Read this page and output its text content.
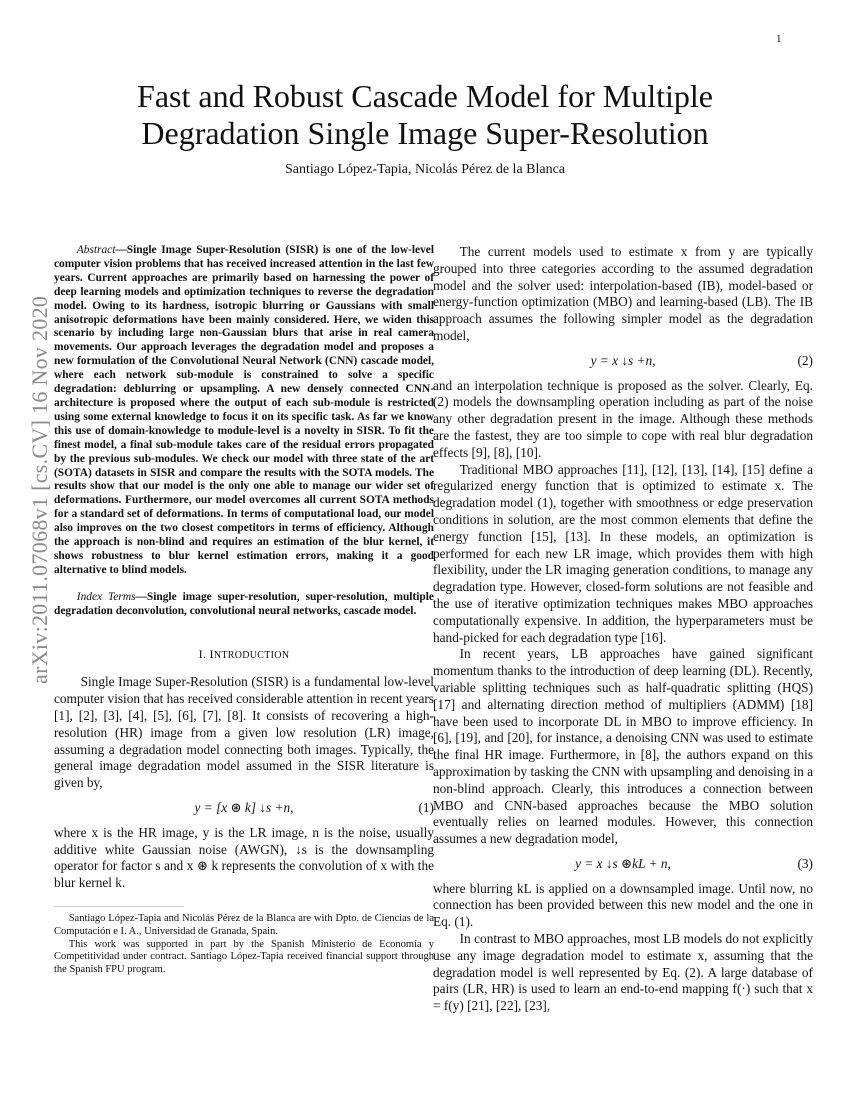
1
arXiv:2011.07068v1 [cs.CV] 16 Nov 2020
Fast and Robust Cascade Model for Multiple
Degradation Single Image Super-Resolution
Santiago López-Tapia, Nicolás Pérez de la Blanca

Abstract—Single Image Super-Resolution (SISR) is one of the low-level computer vision problems that has received increased attention in the last few years. Current approaches are primarily based on harnessing the power of deep learning models and optimization techniques to reverse the degradation model. Owing to its hardness, isotropic blurring or Gaussians with small anisotropic deformations have been mainly considered. Here, we widen this scenario by including large non-Gaussian blurs that arise in real camera movements. Our approach leverages the degradation model and proposes a new formulation of the Convolutional Neural Network (CNN) cascade model, where each network sub-module is constrained to solve a specific degradation: deblurring or upsampling. A new densely connected CNN-architecture is proposed where the output of each sub-module is restricted using some external knowledge to focus it on its specific task. As far we know this use of domain-knowledge to module-level is a novelty in SISR. To fit the finest model, a final sub-module takes care of the residual errors propagated by the previous sub-modules. We check our model with three state of the art (SOTA) datasets in SISR and compare the results with the SOTA models. The results show that our model is the only one able to manage our wider set of deformations. Furthermore, our model overcomes all current SOTA methods for a standard set of deformations. In terms of computational load, our model also improves on the two closest competitors in terms of efficiency. Although the approach is non-blind and requires an estimation of the blur kernel, it shows robustness to blur kernel estimation errors, making it a good alternative to blind models.

Index Terms—Single image super-resolution, super-resolution, multiple degradation deconvolution, convolutional neural networks, cascade model.

I. INTRODUCTION

Single Image Super-Resolution (SISR) is a fundamental low-level computer vision that has received considerable attention in recent years [1], [2], [3], [4], [5], [6], [7], [8]. It consists of recovering a high-resolution (HR) image from a given low resolution (LR) image, assuming a degradation model connecting both images. Typically, the general image degradation model assumed in the SISR literature is given by,

y = [x ⊛ k] ↓s +n,	(1)

where x is the HR image, y is the LR image, n is the noise, usually additive white Gaussian noise (AWGN), ↓s is the downsampling operator for factor s and x ⊛ k represents the convolution of x with the blur kernel k.

Santiago López-Tapia and Nicolás Pérez de la Blanca are with Dpto. de Ciencias de la Computación e I. A., Universidad de Granada, Spain.

This work was supported in part by the Spanish Ministerio de Economía y Competitividad under contract. Santiago López-Tapia received financial support through the Spanish FPU program.

The current models used to estimate x from y are typically grouped into three categories according to the assumed degradation model and the solver used: interpolation-based (IB), model-based or energy-function optimization (MBO) and learning-based (LB). The IB approach assumes the following simpler model as the degradation model,

y = x ↓s +n,	(2)

and an interpolation technique is proposed as the solver. Clearly, Eq. (2) models the downsampling operation including as part of the noise any other degradation present in the image. Although these methods are the fastest, they are too simple to cope with real blur degradation effects [9], [8], [10].

Traditional MBO approaches [11], [12], [13], [14], [15] define a regularized energy function that is optimized to estimate x. The degradation model (1), together with smoothness or edge preservation conditions in solution, are the most common elements that define the energy function [15], [13]. In these models, an optimization is performed for each new LR image, which provides them with high flexibility, under the LR imaging generation conditions, to manage any degradation type. However, closed-form solutions are not feasible and the use of iterative optimization techniques makes MBO approaches computationally expensive. In addition, the hyperparameters must be hand-picked for each degradation type [16].

In recent years, LB approaches have gained significant momentum thanks to the introduction of deep learning (DL). Recently, variable splitting techniques such as half-quadratic splitting (HQS) [17] and alternating direction method of multipliers (ADMM) [18] have been used to incorporate DL in MBO to improve efficiency. In [6], [19], and [20], for instance, a denoising CNN was used to estimate the final HR image. Furthermore, in [8], the authors expand on this approximation by tasking the CNN with upsampling and denoising in a non-blind approach. Clearly, this introduces a connection between MBO and CNN-based approaches because the MBO solution eventually relies on learned modules. However, this connection assumes a new degradation model,

y = x ↓s ⊛kL + n,	(3)

where blurring kL is applied on a downsampled image. Until now, no connection has been provided between this new model and the one in Eq. (1).

In contrast to MBO approaches, most LB models do not explicitly use any image degradation model to estimate x, assuming that the degradation model is well represented by Eq. (2). A large database of pairs (LR, HR) is used to learn an end-to-end mapping f(·) such that x = f(y) [21], [22], [23],
